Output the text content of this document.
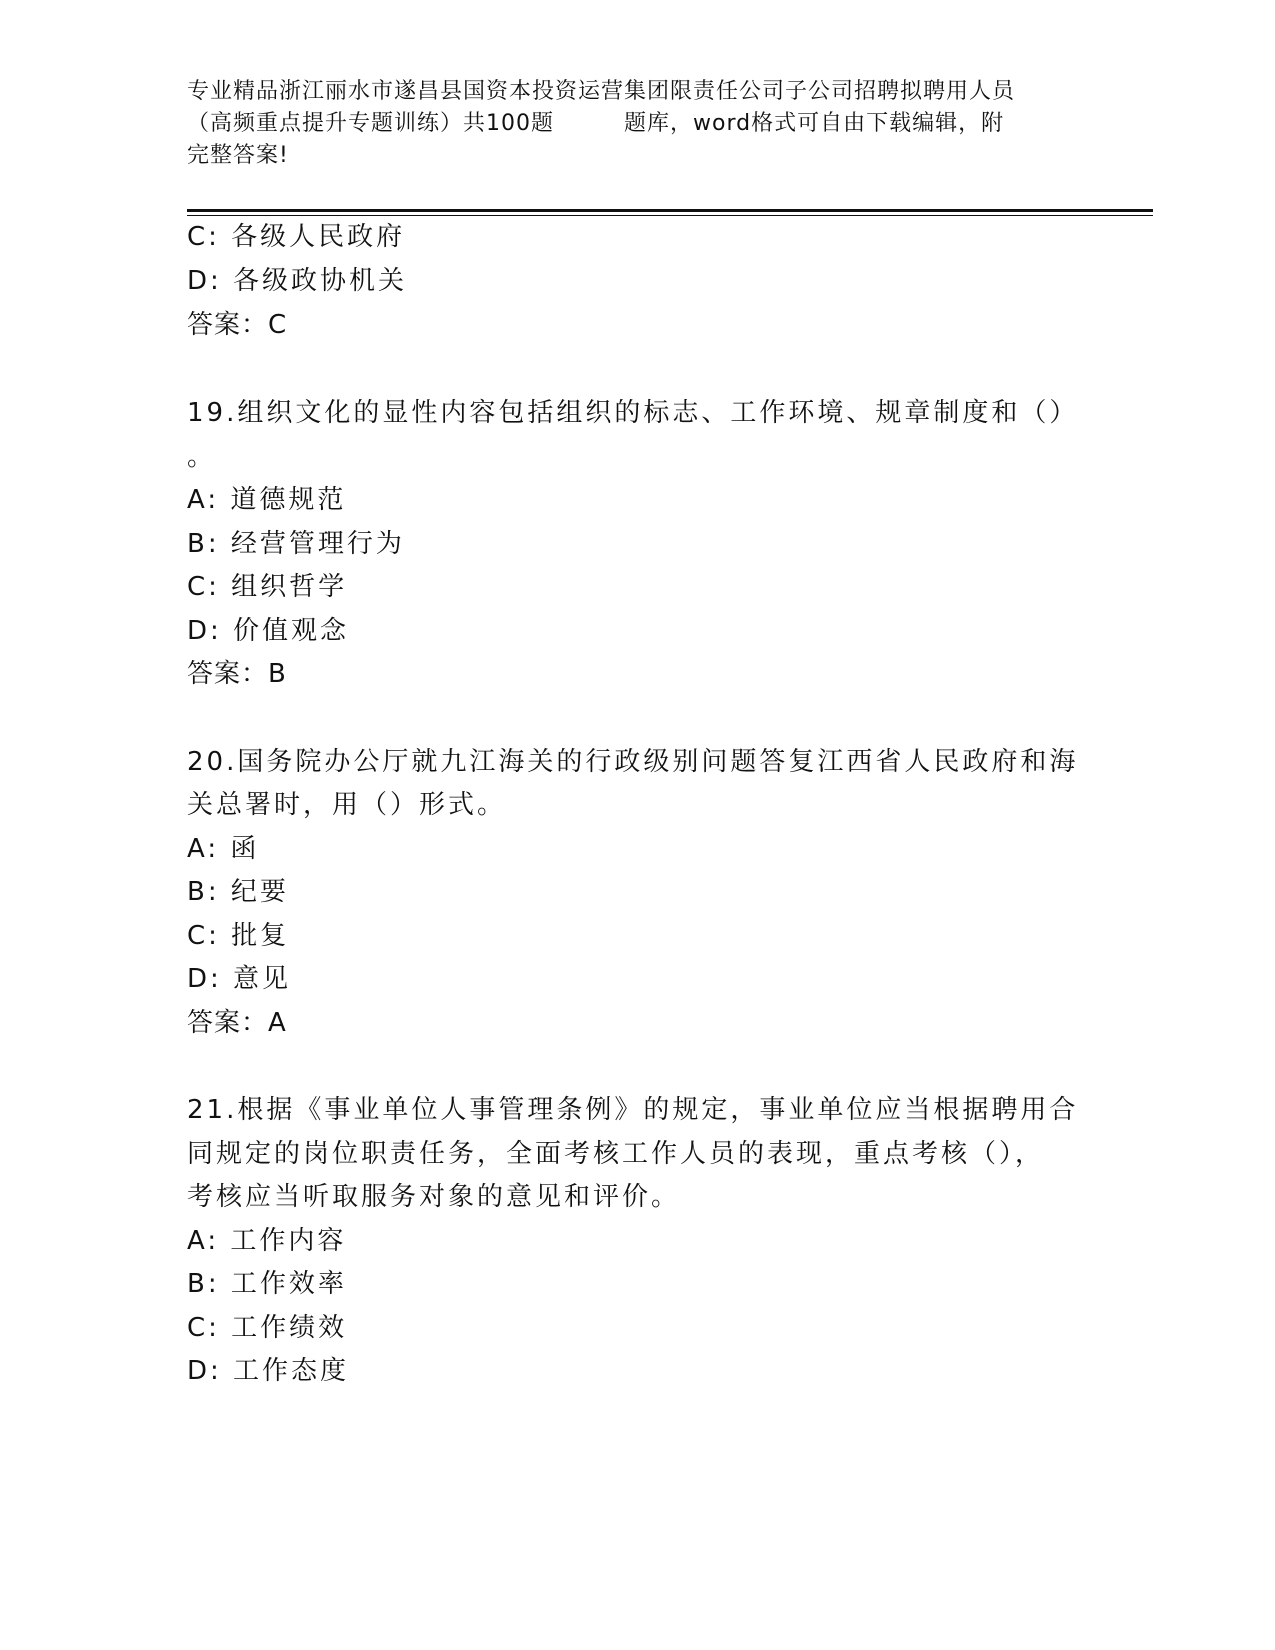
专业精品浙江丽水市遂昌县国资本投资运营集团限责任公司子公司招聘拟聘用人员
（高频重点提升专题训练）共100题	题库，word格式可自由下载编辑，附
完整答案!
C: 各级人民政府
D: 各级政协机关
答案：C
19.组织文化的显性内容包括组织的标志、工作环境、规章制度和（）
。
A: 道德规范
B: 经营管理行为
C: 组织哲学
D: 价值观念
答案：B
20.国务院办公厅就九江海关的行政级别问题答复江西省人民政府和海
关总署时，用（）形式。
A: 函
B: 纪要
C: 批复
D: 意见
答案：A
21.根据《事业单位人事管理条例》的规定，事业单位应当根据聘用合
同规定的岗位职责任务，全面考核工作人员的表现，重点考核（），
考核应当听取服务对象的意见和评价。
A: 工作内容
B: 工作效率
C: 工作绩效
D: 工作态度
